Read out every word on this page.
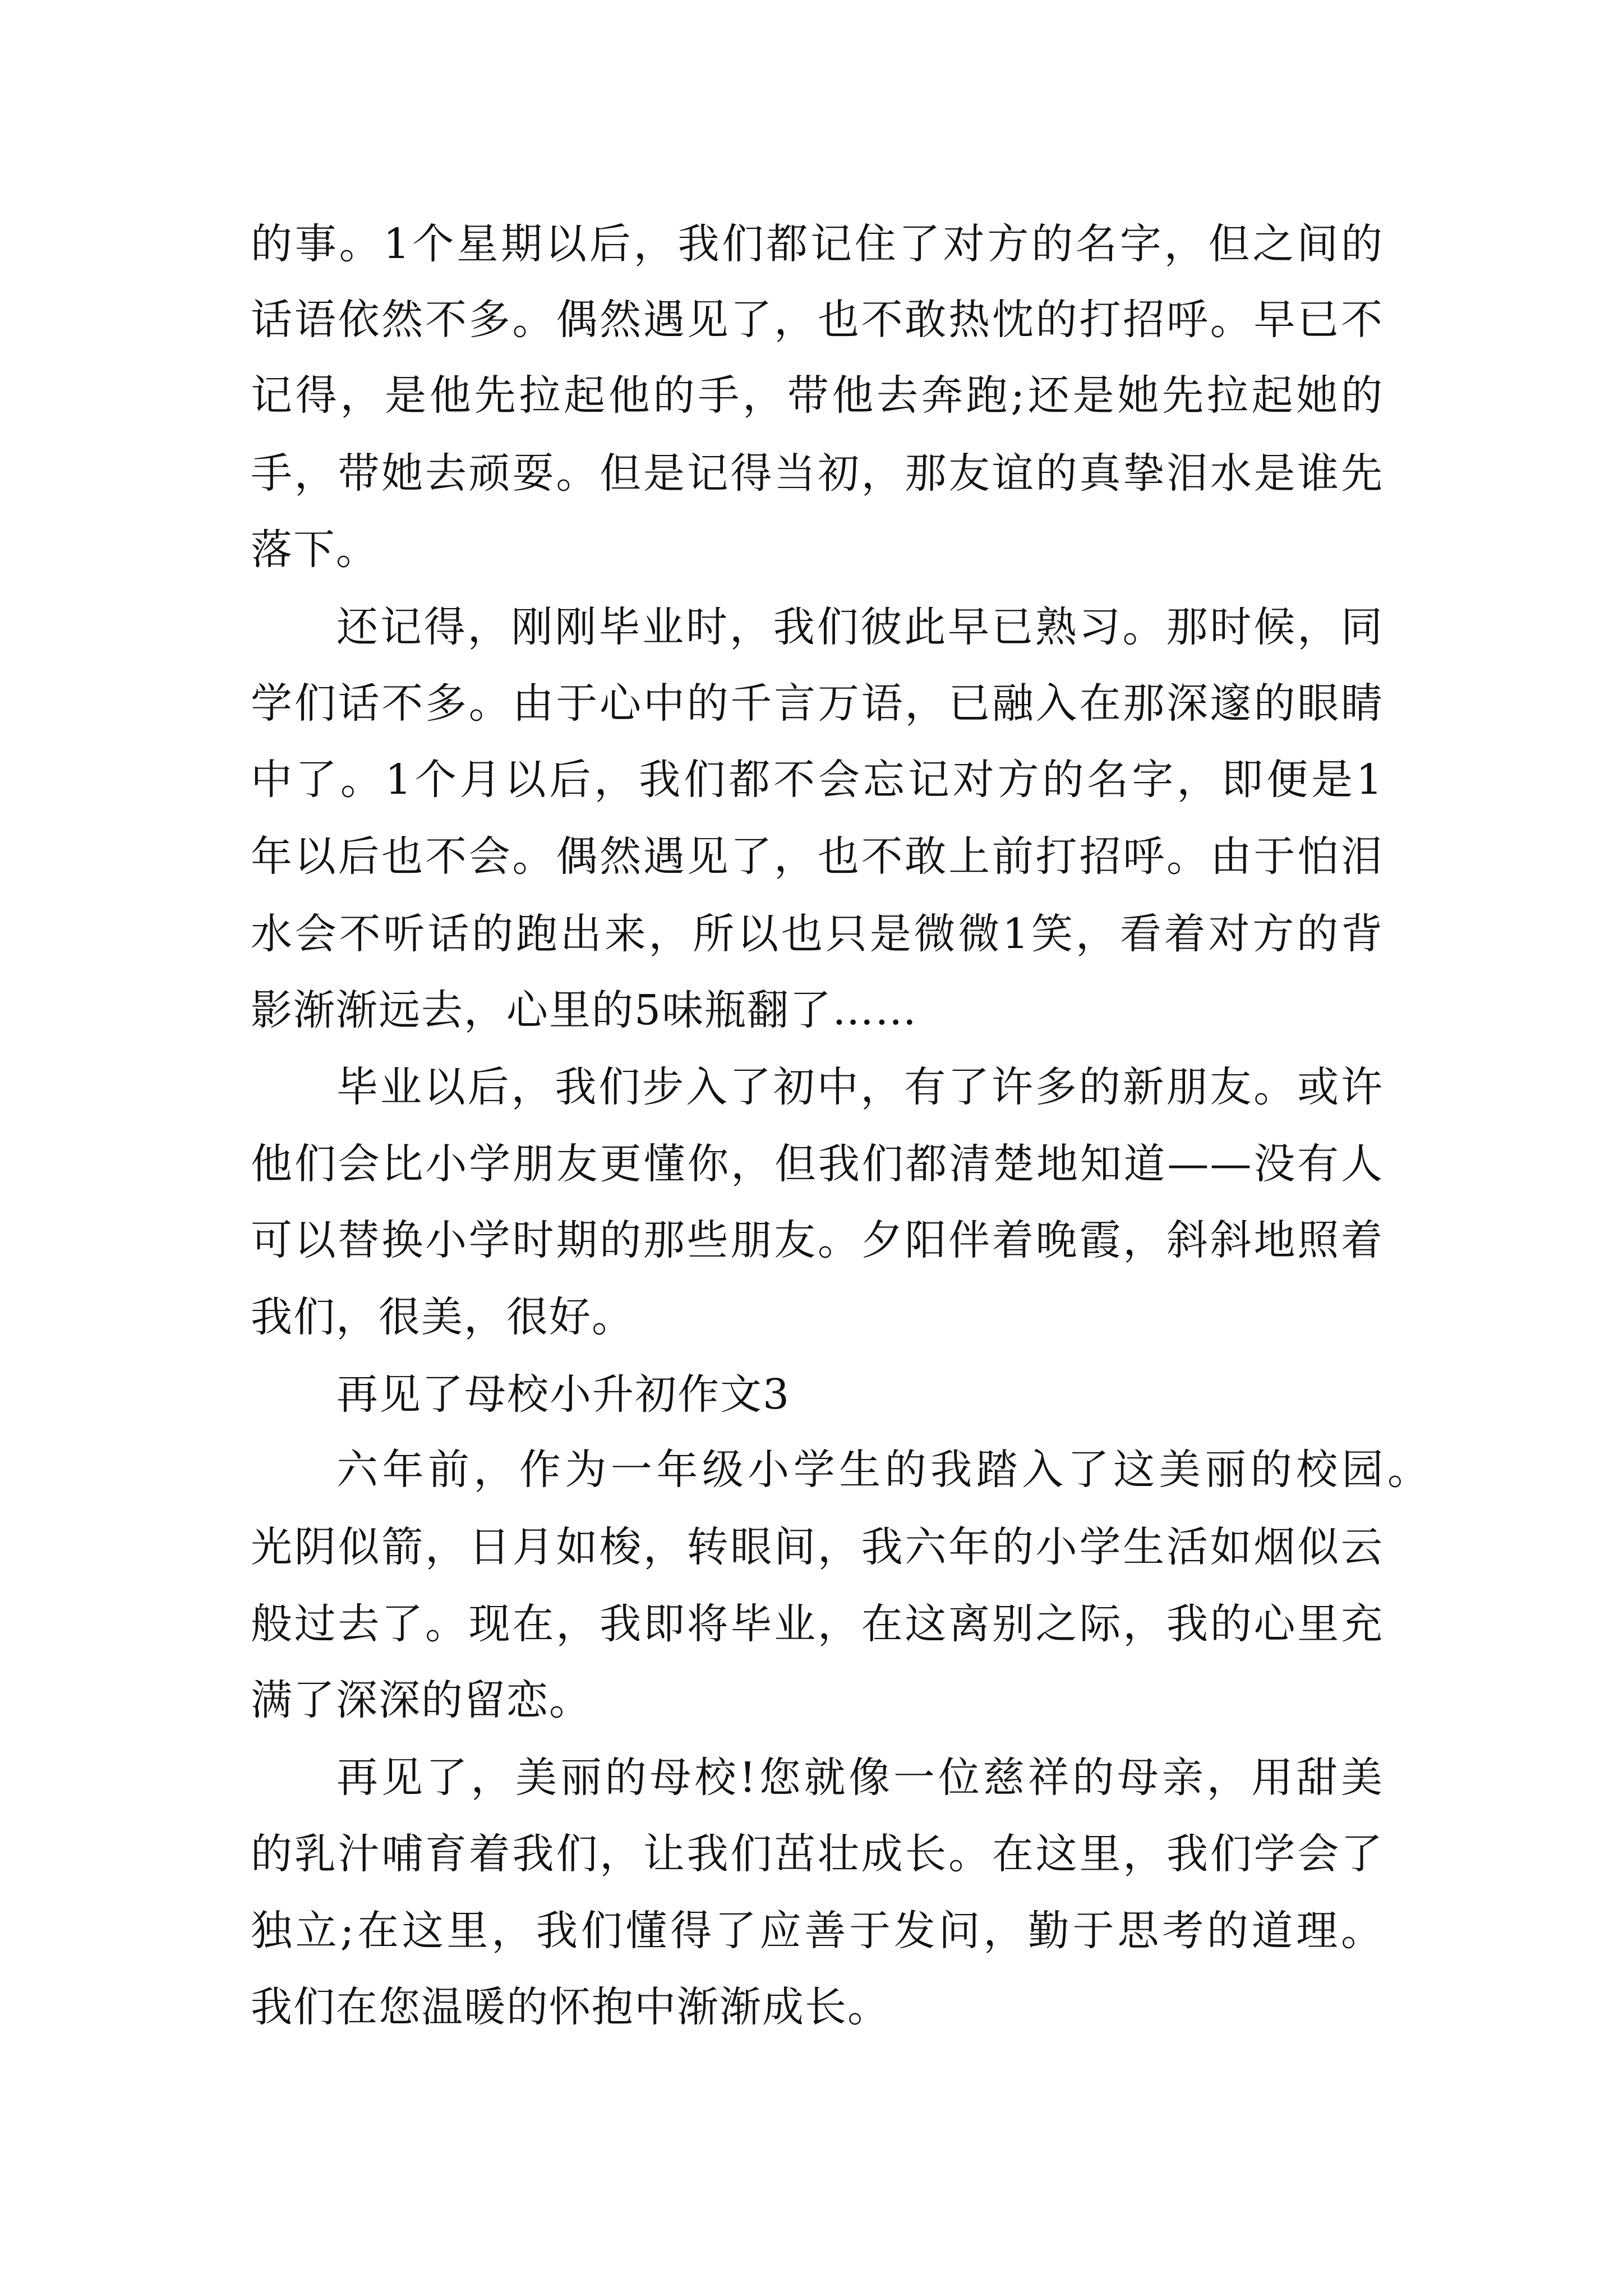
的事。1个星期以后，我们都记住了对方的名字，但之间的
话语依然不多。偶然遇见了，也不敢热忱的打招呼。早已不
记得，是他先拉起他的手，带他去奔跑;还是她先拉起她的
手，带她去顽耍。但是记得当初，那友谊的真挚泪水是谁先
落下。
还记得，刚刚毕业时，我们彼此早已熟习。那时候，同
学们话不多。由于心中的千言万语，已融入在那深邃的眼睛
中了。1个月以后，我们都不会忘记对方的名字，即便是1
年以后也不会。偶然遇见了，也不敢上前打招呼。由于怕泪
水会不听话的跑出来，所以也只是微微1笑，看着对方的背
影渐渐远去，心里的5味瓶翻了……
毕业以后，我们步入了初中，有了许多的新朋友。或许
他们会比小学朋友更懂你，但我们都清楚地知道——没有人
可以替换小学时期的那些朋友。夕阳伴着晚霞，斜斜地照着
我们，很美，很好。
再见了母校小升初作文3
六年前，作为一年级小学生的我踏入了这美丽的校园。
光阴似箭，日月如梭，转眼间，我六年的小学生活如烟似云
般过去了。现在，我即将毕业，在这离别之际，我的心里充
满了深深的留恋。
再见了，美丽的母校!您就像一位慈祥的母亲，用甜美
的乳汁哺育着我们，让我们茁壮成长。在这里，我们学会了
独立;在这里，我们懂得了应善于发问，勤于思考的道理。
我们在您温暖的怀抱中渐渐成长。
